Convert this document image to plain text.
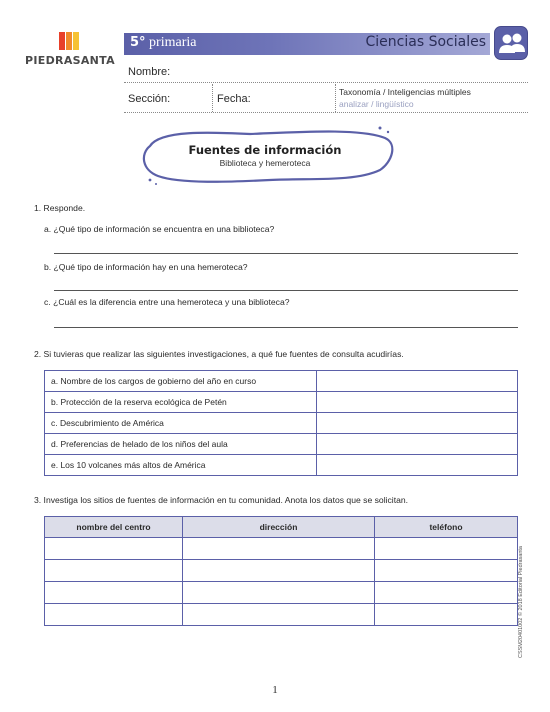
PIEDRASANTA
5° primaria	Ciencias Sociales
Nombre:
Sección:	Fecha:
Taxonomía / Inteligencias múltiples
analizar / lingüístico
Fuentes de información
Biblioteca y hemeroteca
1. Responde.
a. ¿Qué tipo de información se encuentra en una biblioteca?
b. ¿Qué tipo de información hay en una hemeroteca?
c. ¿Cuál es la diferencia entre una hemeroteca y una biblioteca?
2. Si tuvieras que realizar las siguientes investigaciones, a qué fue fuentes de consulta acudirías.
a. Nombre de los cargos de gobierno del año en curso	
b. Protección de la reserva ecológica de Petén	
c. Descubrimiento de América	
d. Preferencias de helado de los niños del aula	
e. Los 10 volcanes más altos de América	
3. Investiga los sitios de fuentes de información en tu comunidad. Anota los datos que se solicitan.
nombre del centro	dirección	teléfono

CSSM20401002 © 2018 Editorial Piedrasanta
1
